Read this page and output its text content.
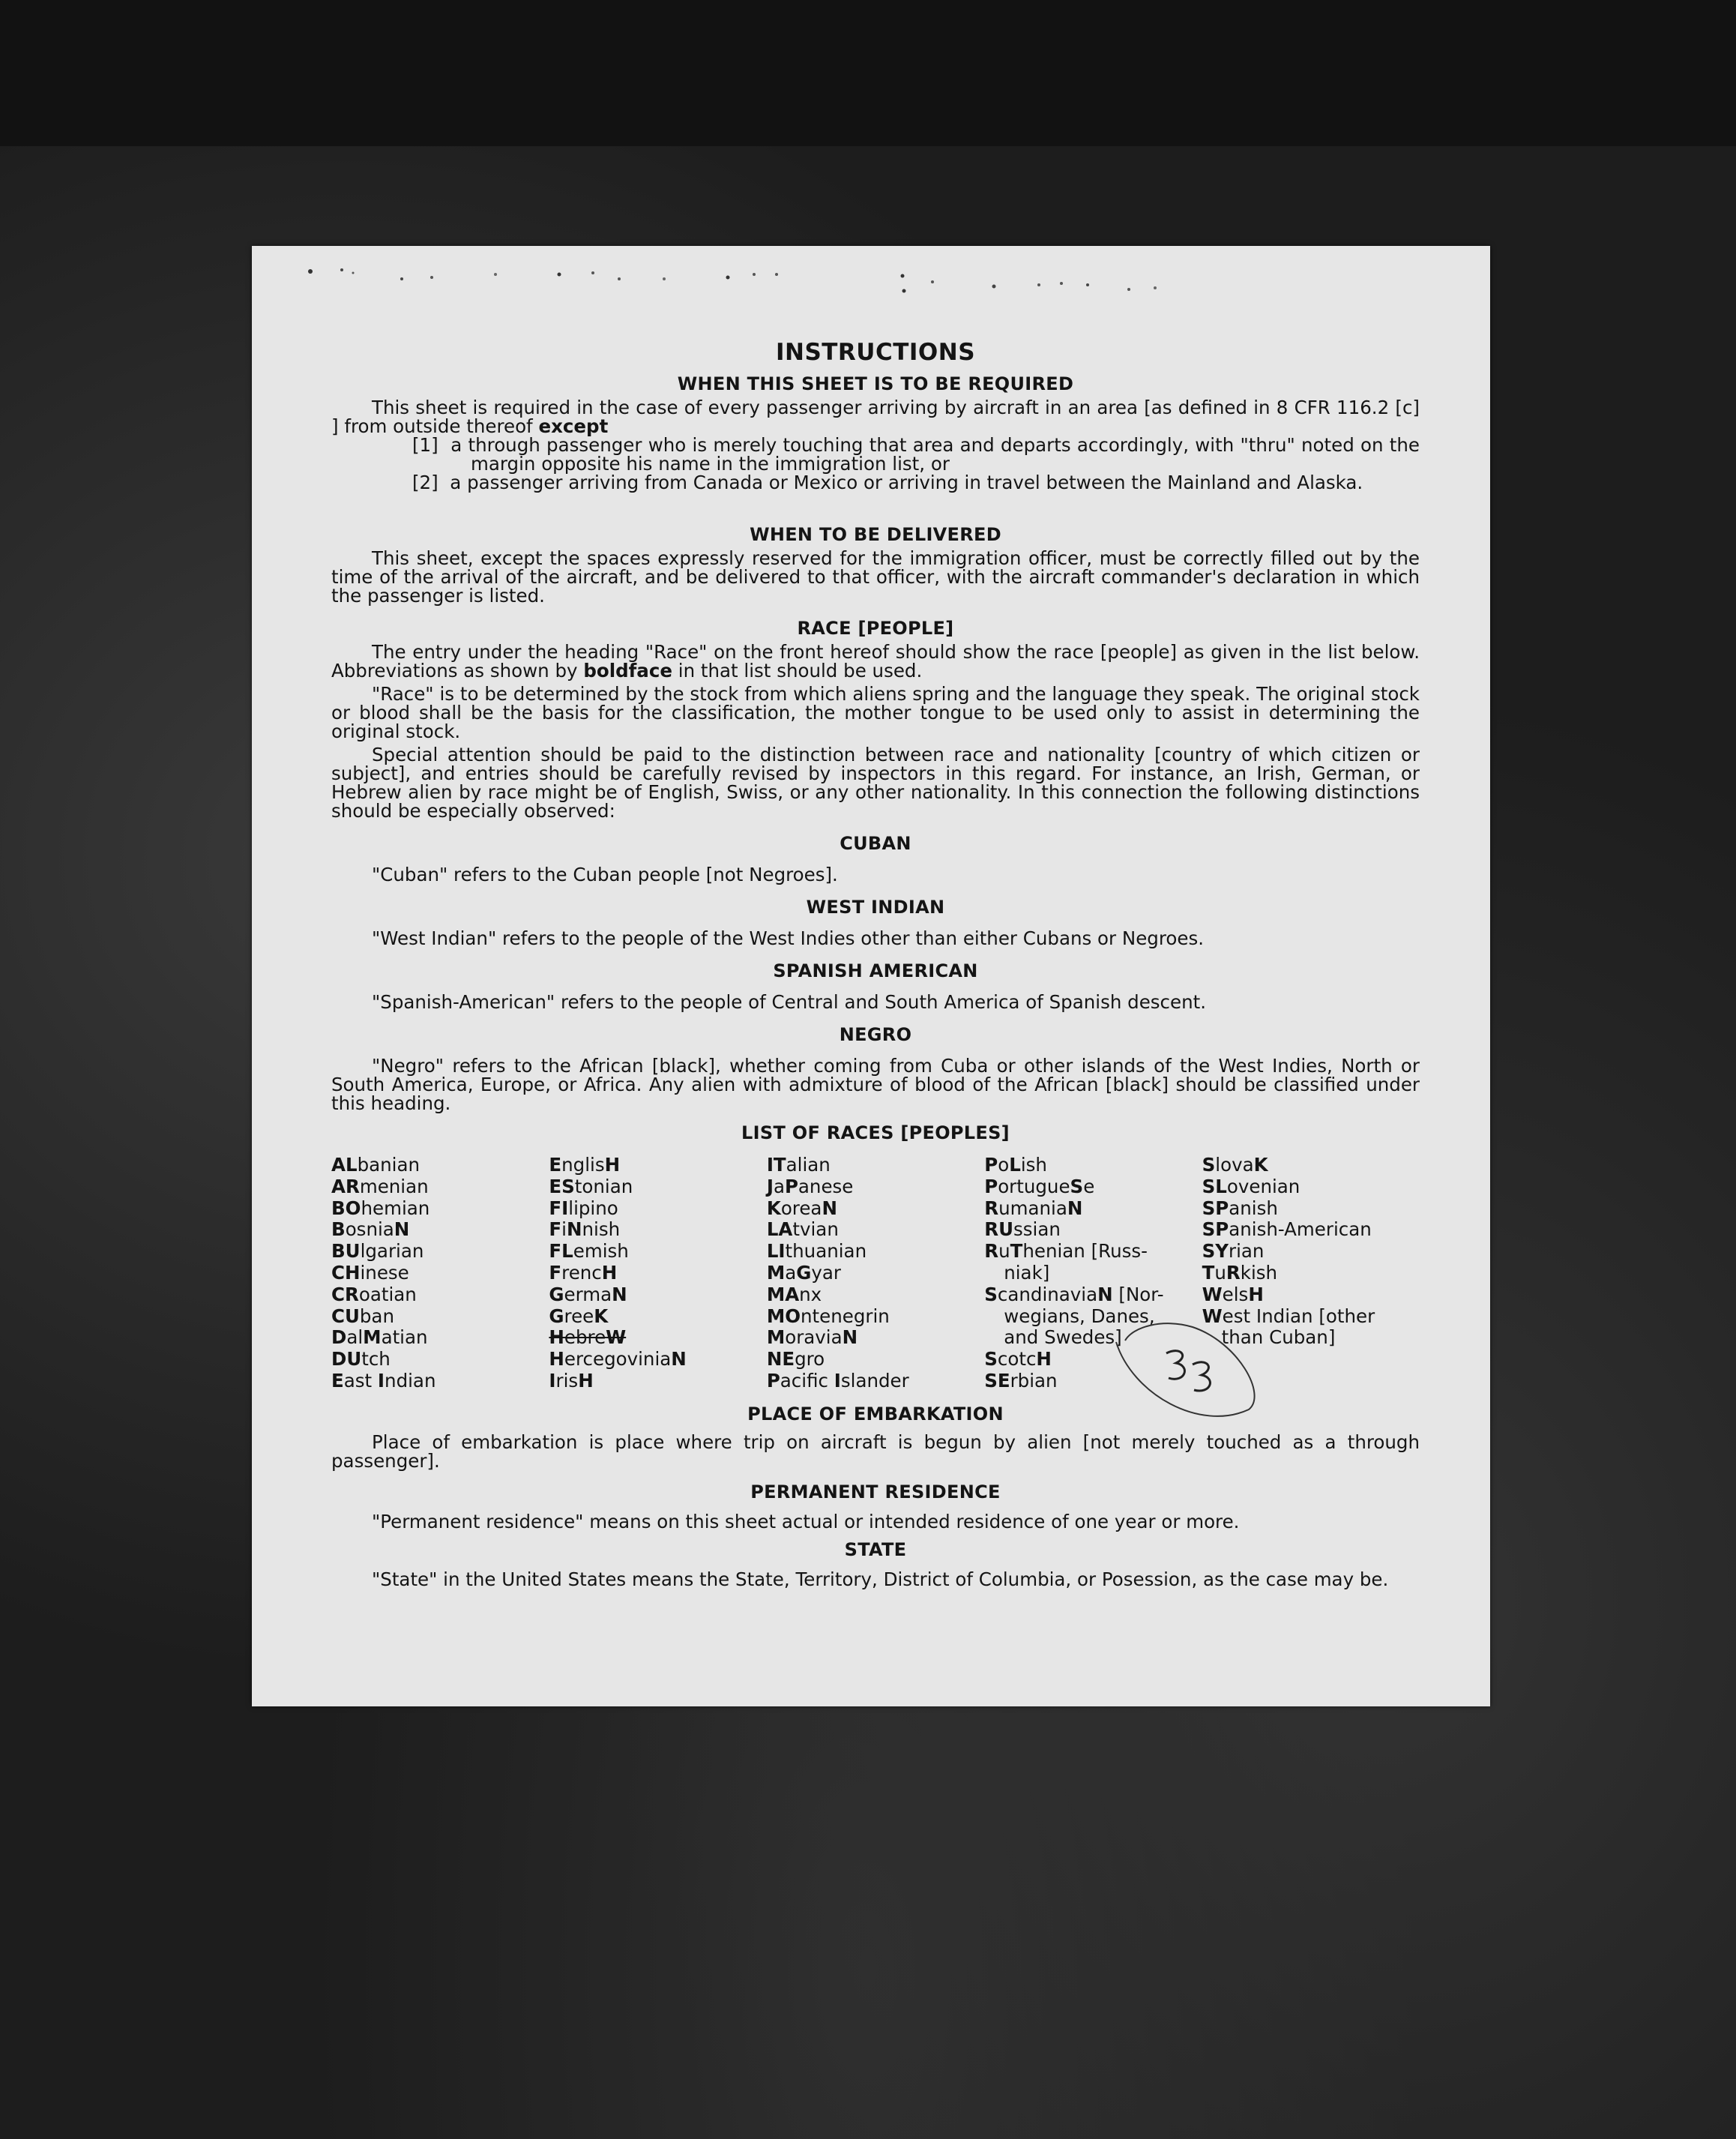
INSTRUCTIONS
WHEN THIS SHEET IS TO BE REQUIRED

This sheet is required in the case of every passenger arriving by aircraft in an area [as defined in 8 CFR 116.2 [c] ] from outside thereof except

[1] a through passenger who is merely touching that area and departs accordingly, with "thru" noted on the margin opposite his name in the immigration list, or

[2] a passenger arriving from Canada or Mexico or arriving in travel between the Mainland and Alaska.

WHEN TO BE DELIVERED

This sheet, except the spaces expressly reserved for the immigration officer, must be correctly filled out by the time of the arrival of the aircraft, and be delivered to that officer, with the aircraft commander's declaration in which the passenger is listed.

RACE [PEOPLE]

The entry under the heading "Race" on the front hereof should show the race [people] as given in the list below. Abbreviations as shown by boldface in that list should be used.

"Race" is to be determined by the stock from which aliens spring and the language they speak. The original stock or blood shall be the basis for the classification, the mother tongue to be used only to assist in determining the original stock.

Special attention should be paid to the distinction between race and nationality [country of which citizen or subject], and entries should be carefully revised by inspectors in this regard. For instance, an Irish, German, or Hebrew alien by race might be of English, Swiss, or any other nationality. In this connection the following distinctions should be especially observed:

CUBAN

"Cuban" refers to the Cuban people [not Negroes].

WEST INDIAN

"West Indian" refers to the people of the West Indies other than either Cubans or Negroes.

SPANISH AMERICAN

"Spanish-American" refers to the people of Central and South America of Spanish descent.

NEGRO

"Negro" refers to the African [black], whether coming from Cuba or other islands of the West Indies, North or South America, Europe, or Africa. Any alien with admixture of blood of the African [black] should be classified under this heading.

LIST OF RACES [PEOPLES]
ALbanian
ARmenian
BOhemian
BosniaN
BUlgarian
CHinese
CRoatian
CUban
DalMatian
DUtch
East Indian
EnglisH
EStonian
FIlipino
FiNnish
FLemish
FrencH
GermaN
GreeK
HebreW
HercegoviniaN
IrisH
ITalian
JaPanese
KoreaN
LAtvian
LIthuanian
MaGyar
MAnx
MOntenegrin
MoraviaN
NEgro
Pacific Islander
PoLish
PortugueSe
RumaniaN
RUssian
RuThenian [Russ-
niak]
ScandinaviaN [Nor-
wegians, Danes,
and Swedes]
ScotcH
SErbian
SlovaK
SLovenian
SPanish
SPanish-American
SYrian
TuRkish
WelsH
West Indian [other
than Cuban]
PLACE OF EMBARKATION

Place of embarkation is place where trip on aircraft is begun by alien [not merely touched as a through passenger].

PERMANENT RESIDENCE

"Permanent residence" means on this sheet actual or intended residence of one year or more.

STATE

"State" in the United States means the State, Territory, District of Columbia, or Posession, as the case may be.
